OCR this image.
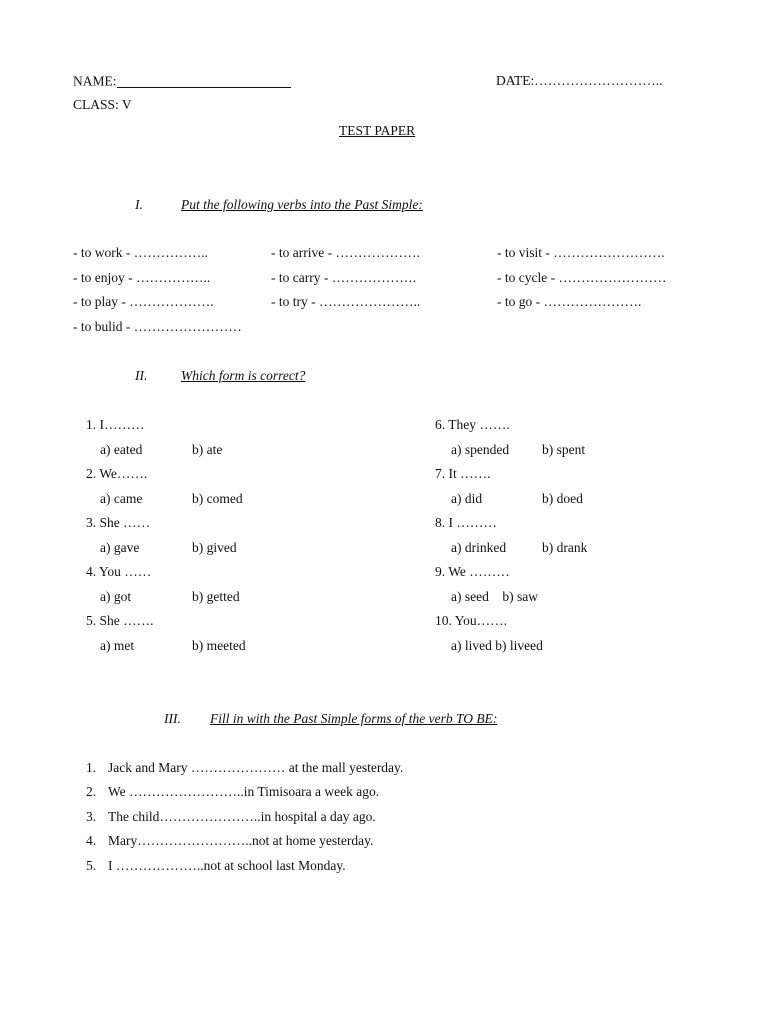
NAME:	DATE:………………………..
CLASS: V
TEST PAPER
I.	Put the following verbs into the Past Simple:
- to work - ……………..	- to arrive - ……………….	- to visit - …………………….
- to enjoy - ……………..	- to carry - ……………….	- to cycle - ……………………
- to play - ……………….	- to try - …………………..	- to go - ………………….
- to bulid - ……………………
II. Which form is correct?
1. I………
a) eated	b) ate
2. We…….
a) came	b) comed
3. She ……
a) gave	b) gived
4. You ……
a) got	b) getted
5. She …….
a) met	b) meeted
6. They …….
a) spended b) spent
7. It …….
a) did	b) doed
8. I ………
a) drinked	b) drank
9. We ………
a) seed    b) saw
10. You…….
a) lived b) liveed
III. Fill in with the Past Simple forms of the verb TO BE:
1. Jack and Mary ………………… at the mall yesterday.
2. We ……………………..in Timisoara a week ago.
3. The child…………………..in hospital a day ago.
4. Mary……………………..not at home yesterday.
5. I ………………..not at school last Monday.
